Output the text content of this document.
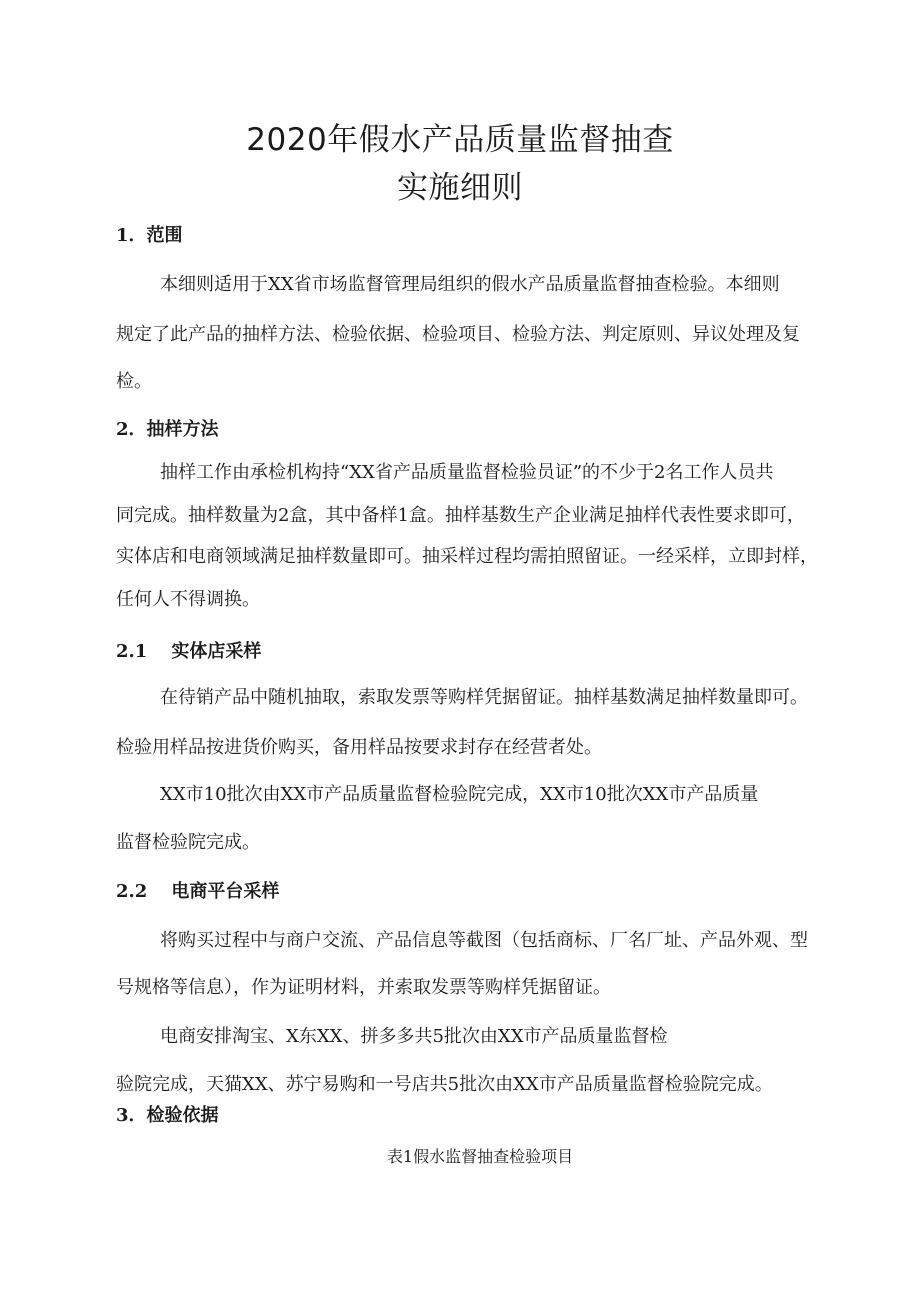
2020年假水产品质量监督抽查
实施细则
1．范围
本细则适用于XX省市场监督管理局组织的假水产品质量监督抽查检验。本细则
规定了此产品的抽样方法、检验依据、检验项目、检验方法、判定原则、异议处理及复
检。
2．抽样方法
抽样工作由承检机构持“XX省产品质量监督检验员证”的不少于2名工作人员共
同完成。抽样数量为2盒，其中备样1盒。抽样基数生产企业满足抽样代表性要求即可，
实体店和电商领域满足抽样数量即可。抽采样过程均需拍照留证。一经采样，立即封样，
任何人不得调换。
2.1 实体店采样
在待销产品中随机抽取，索取发票等购样凭据留证。抽样基数满足抽样数量即可。
检验用样品按进货价购买，备用样品按要求封存在经营者处。
XX市10批次由XX市产品质量监督检验院完成，XX市10批次XX市产品质量
监督检验院完成。
2.2 电商平台采样
将购买过程中与商户交流、产品信息等截图（包括商标、厂名厂址、产品外观、型
号规格等信息），作为证明材料，并索取发票等购样凭据留证。
电商安排淘宝、X东XX、拼多多共5批次由XX市产品质量监督检
验院完成，天猫XX、苏宁易购和一号店共5批次由XX市产品质量监督检验院完成。
3．检验依据
表1假水监督抽查检验项目
